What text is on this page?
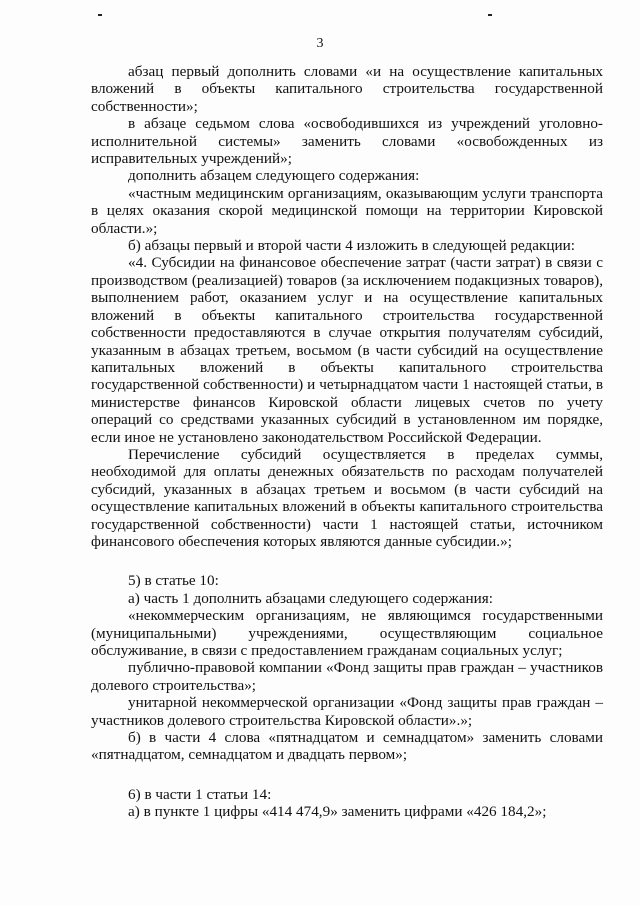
3

абзац первый дополнить словами «и на осуществление капитальных вложений в объекты капитального строительства государственной собственности»;

в абзаце седьмом слова «освободившихся из учреждений уголовно-исполнительной системы» заменить словами «освобожденных из исправительных учреждений»;

дополнить абзацем следующего содержания:

«частным медицинским организациям, оказывающим услуги транспорта в целях оказания скорой медицинской помощи на территории Кировской области.»;

б) абзацы первый и второй части 4 изложить в следующей редакции:

«4. Субсидии на финансовое обеспечение затрат (части затрат) в связи с производством (реализацией) товаров (за исключением подакцизных товаров), выполнением работ, оказанием услуг и на осуществление капитальных вложений в объекты капитального строительства государственной собственности предоставляются в случае открытия получателям субсидий, указанным в абзацах третьем, восьмом (в части субсидий на осуществление капитальных вложений в объекты капитального строительства государственной собственности) и четырнадцатом части 1 настоящей статьи, в министерстве финансов Кировской области лицевых счетов по учету операций со средствами указанных субсидий в установленном им порядке, если иное не установлено законодательством Российской Федерации.

Перечисление субсидий осуществляется в пределах суммы, необходимой для оплаты денежных обязательств по расходам получателей субсидий, указанных в абзацах третьем и восьмом (в части субсидий на осуществление капитальных вложений в объекты капитального строительства государственной собственности) части 1 настоящей статьи, источником финансового обеспечения которых являются данные субсидии.»;

5) в статье 10:

а) часть 1 дополнить абзацами следующего содержания:

«некоммерческим организациям, не являющимся государственными (муниципальными) учреждениями, осуществляющим социальное обслуживание, в связи с предоставлением гражданам социальных услуг;

публично-правовой компании «Фонд защиты прав граждан – участников долевого строительства»;

унитарной некоммерческой организации «Фонд защиты прав граждан – участников долевого строительства Кировской области».»;

б) в части 4 слова «пятнадцатом и семнадцатом» заменить словами «пятнадцатом, семнадцатом и двадцать первом»;

6) в части 1 статьи 14:

а) в пункте 1 цифры «414 474,9» заменить цифрами «426 184,2»;
